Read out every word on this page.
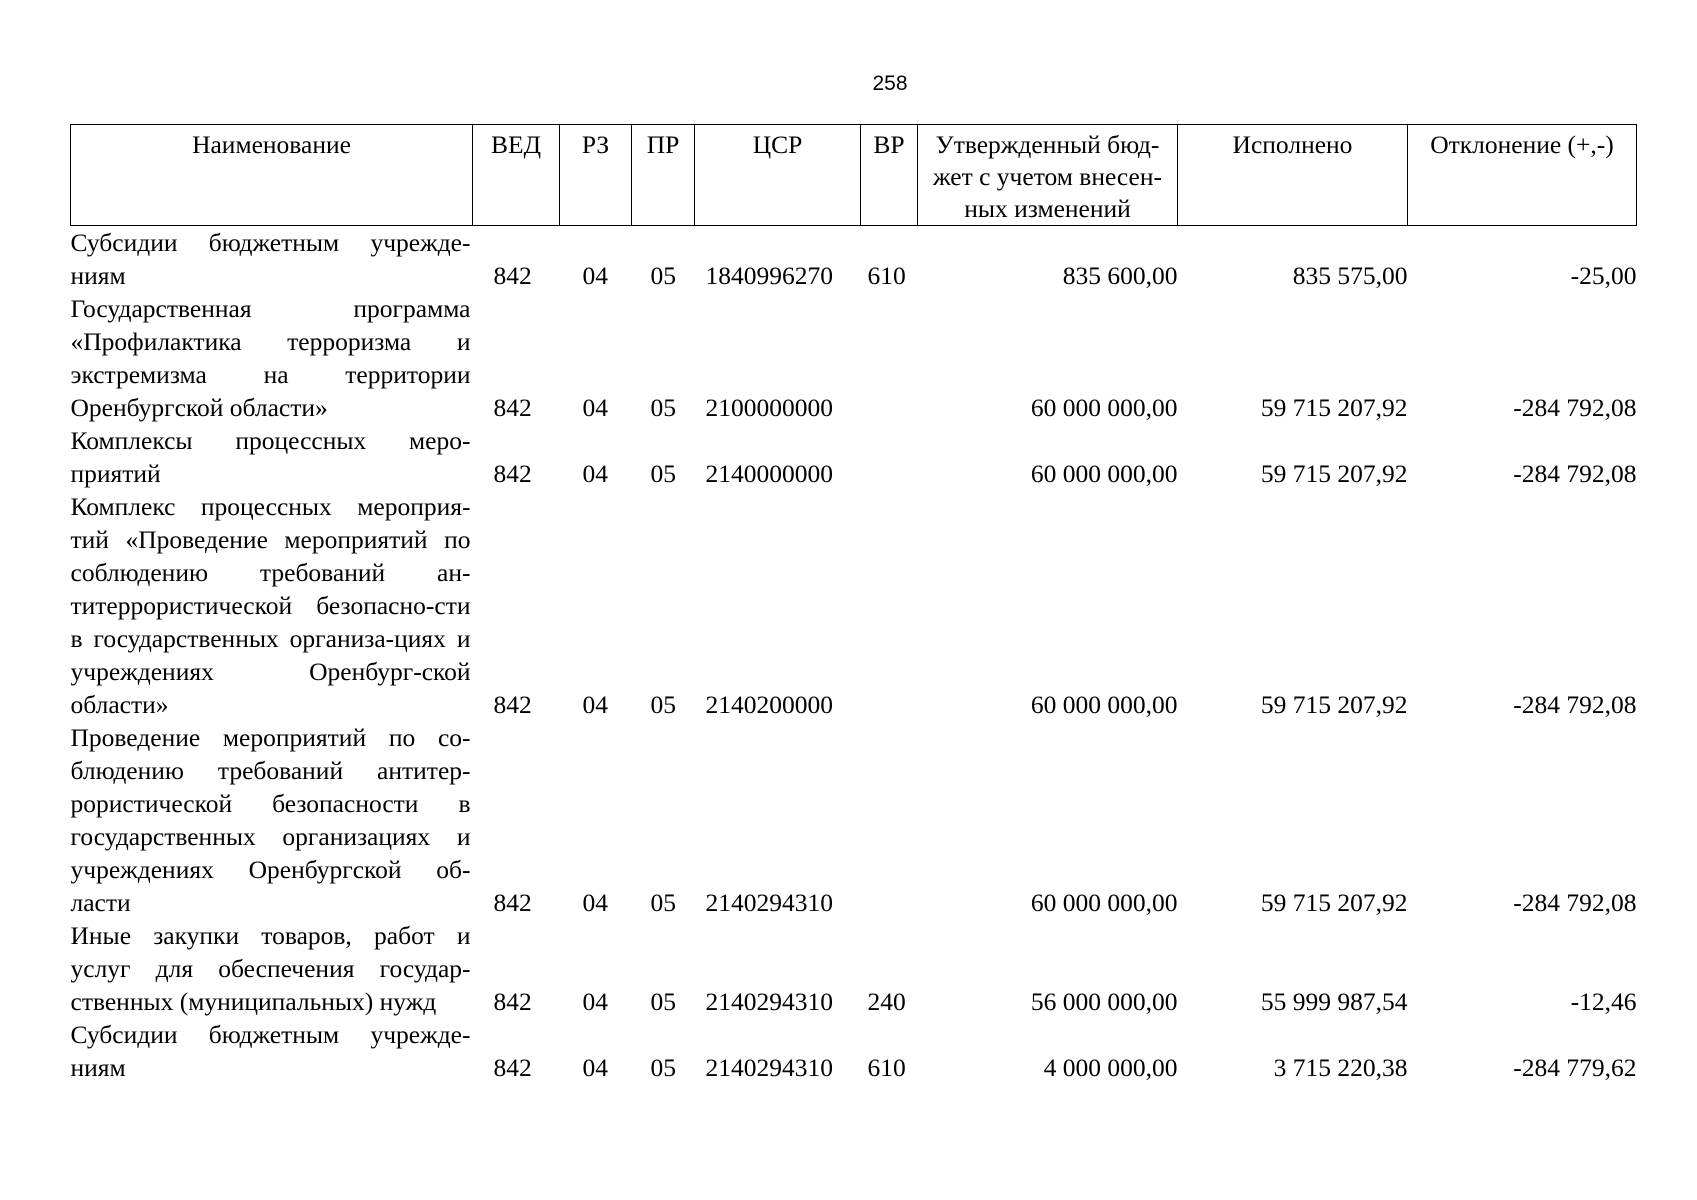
258
Наименование	ВЕД	РЗ	ПР	ЦСР	ВР	Утвержденный бюд-жет с учетом внесен-ных изменений	Исполнено	Отклонение (+,-)
Субсидии бюджетным учрежде-ниям	842	04	05	1840996270	610	835 600,00	835 575,00	-25,00
Государственная программа «Профилактика терроризма и экстремизма на территории Оренбургской области»	842	04	05	2100000000		60 000 000,00	59 715 207,92	-284 792,08
Комплексы процессных меро-приятий	842	04	05	2140000000		60 000 000,00	59 715 207,92	-284 792,08
Комплекс процессных мероприя-тий «Проведение мероприятий по соблюдению требований ан-титеррористической безопасно-сти в государственных организа-циях и учреждениях Оренбург-ской области»	842	04	05	2140200000		60 000 000,00	59 715 207,92	-284 792,08
Проведение мероприятий по со-блюдению требований антитер-рористической безопасности в государственных организациях и учреждениях Оренбургской об-ласти	842	04	05	2140294310		60 000 000,00	59 715 207,92	-284 792,08
Иные закупки товаров, работ и услуг для обеспечения государ-ственных (муниципальных) нужд	842	04	05	2140294310	240	56 000 000,00	55 999 987,54	-12,46
Субсидии бюджетным учрежде-ниям	842	04	05	2140294310	610	4 000 000,00	3 715 220,38	-284 779,62
